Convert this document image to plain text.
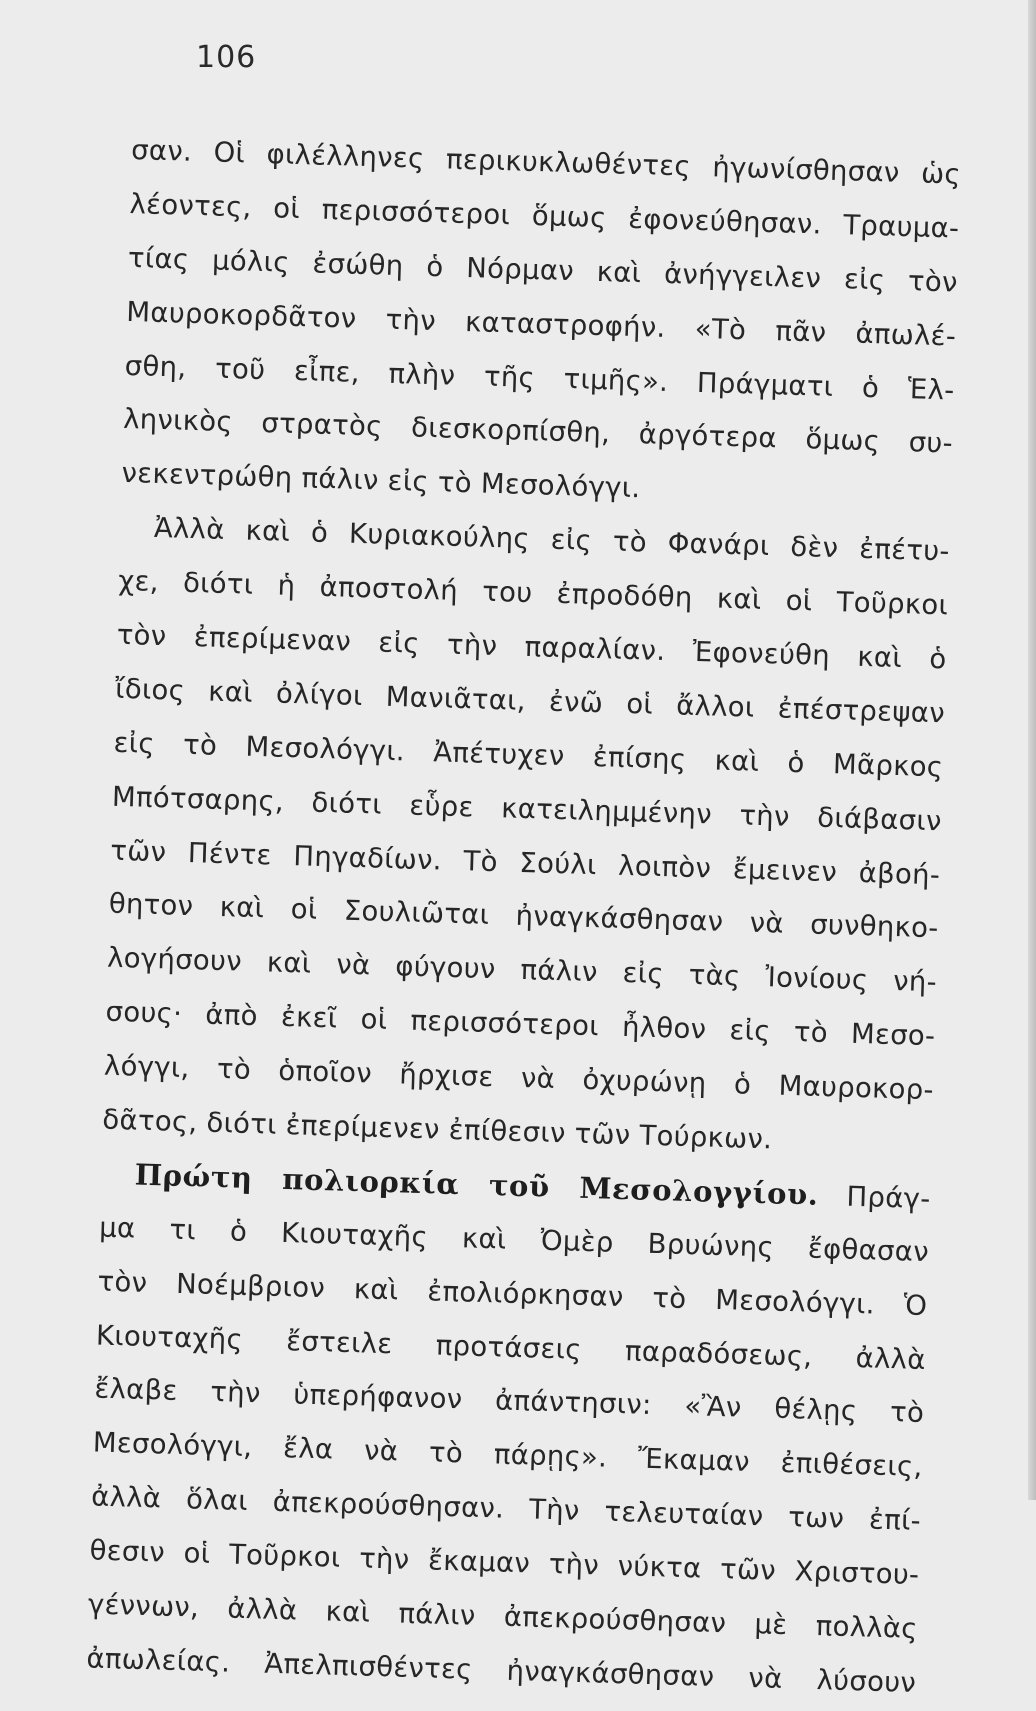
106
σαν. Οἱ φιλέλληνες περικυκλωθέντες ἠγωνίσθησαν ὡς
λέοντες, οἱ περισσότεροι ὅμως ἐφονεύθησαν. Τραυμα-
τίας μόλις ἐσώθη ὁ Νόρμαν καὶ ἀνήγγειλεν εἰς τὸν
Μαυροκορδᾶτον τὴν καταστροφήν. «Τὸ πᾶν ἀπωλέ-
σθη, τοῦ εἶπε, πλὴν τῆς τιμῆς». Πράγματι ὁ Ἑλ-
ληνικὸς στρατὸς διεσκορπίσθη, ἀργότερα ὅμως συ-
νεκεντρώθη πάλιν εἰς τὸ Μεσολόγγι.
Ἀλλὰ καὶ ὁ Κυριακούλης εἰς τὸ Φανάρι δὲν ἐπέτυ-
χε, διότι ἡ ἀποστολή του ἐπροδόθη καὶ οἱ Τοῦρκοι
τὸν ἐπερίμεναν εἰς τὴν παραλίαν. Ἐφονεύθη καὶ ὁ
ἴδιος καὶ ὀλίγοι Μανιᾶται, ἐνῶ οἱ ἄλλοι ἐπέστρεψαν
εἰς τὸ Μεσολόγγι. Ἀπέτυχεν ἐπίσης καὶ ὁ Μᾶρκος
Μπότσαρης, διότι εὗρε κατειλημμένην τὴν διάβασιν
τῶν Πέντε Πηγαδίων. Τὸ Σούλι λοιπὸν ἔμεινεν ἀβοή-
θητον καὶ οἱ Σουλιῶται ἠναγκάσθησαν νὰ συνθηκο-
λογήσουν καὶ νὰ φύγουν πάλιν εἰς τὰς Ἰονίους νή-
σους· ἀπὸ ἐκεῖ οἱ περισσότεροι ἦλθον εἰς τὸ Μεσο-
λόγγι, τὸ ὁποῖον ἤρχισε νὰ ὀχυρώνῃ ὁ Μαυροκορ-
δᾶτος, διότι ἐπερίμενεν ἐπίθεσιν τῶν Τούρκων.
Πρώτη πολιορκία τοῦ Μεσολογγίου. Πράγ-
μα τι ὁ Κιουταχῆς καὶ Ὀμὲρ Βρυώνης ἔφθασαν
τὸν Νοέμβριον καὶ ἐπολιόρκησαν τὸ Μεσολόγγι. Ὁ
Κιουταχῆς ἔστειλε προτάσεις παραδόσεως, ἀλλὰ
ἔλαβε τὴν ὑπερήφανον ἀπάντησιν: «Ἂν θέλῃς τὸ
Μεσολόγγι, ἔλα νὰ τὸ πάρῃς». Ἔκαμαν ἐπιθέσεις,
ἀλλὰ ὅλαι ἀπεκρούσθησαν. Τὴν τελευταίαν των ἐπί-
θεσιν οἱ Τοῦρκοι τὴν ἔκαμαν τὴν νύκτα τῶν Χριστου-
γέννων, ἀλλὰ καὶ πάλιν ἀπεκρούσθησαν μὲ πολλὰς
ἀπωλείας. Ἀπελπισθέντες ἠναγκάσθησαν νὰ λύσουν
